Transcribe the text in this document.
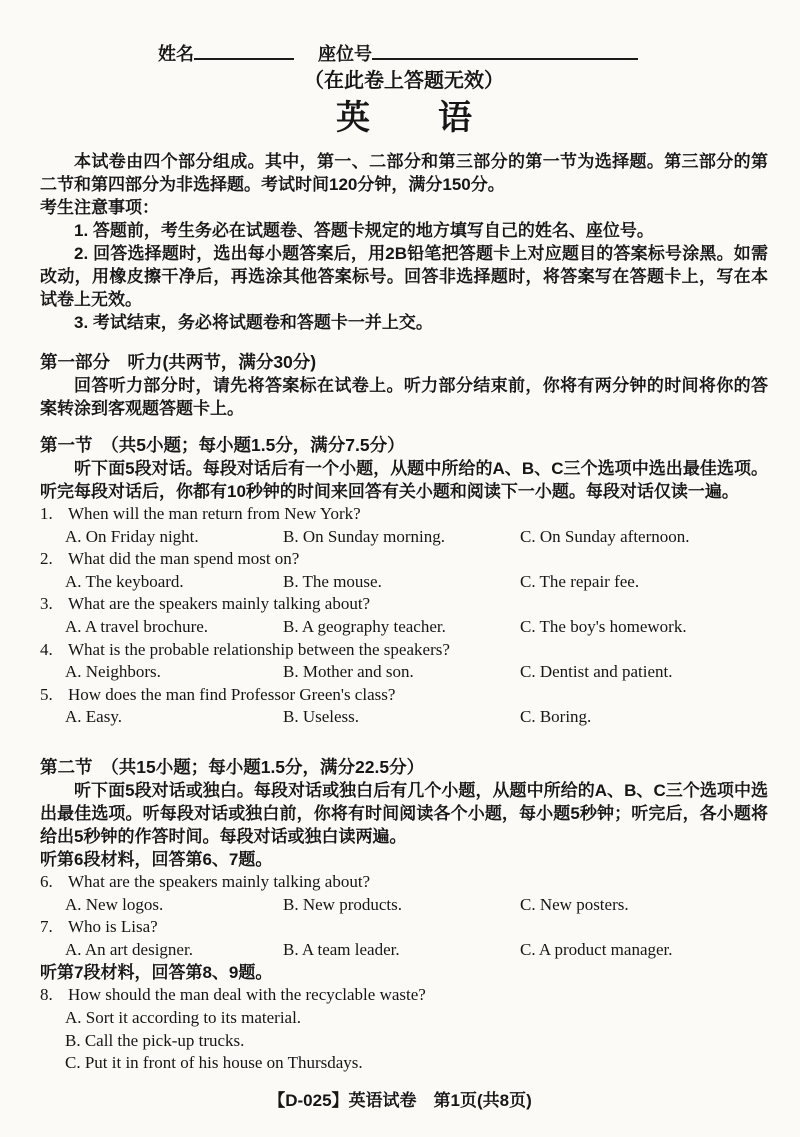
姓名	座位号
（在此卷上答题无效）
英　　语
本试卷由四个部分组成。其中，第一、二部分和第三部分的第一节为选择题。第三部分的第二节和第四部分为非选择题。考试时间120分钟，满分150分。
考生注意事项：
1. 答题前，考生务必在试题卷、答题卡规定的地方填写自己的姓名、座位号。
2. 回答选择题时，选出每小题答案后，用2B铅笔把答题卡上对应题目的答案标号涂黑。如需改动，用橡皮擦干净后，再选涂其他答案标号。回答非选择题时，将答案写在答题卡上，写在本试卷上无效。
3. 考试结束，务必将试题卷和答题卡一并上交。
第一部分　听力(共两节，满分30分)
回答听力部分时，请先将答案标在试卷上。听力部分结束前，你将有两分钟的时间将你的答案转涂到客观题答题卡上。
第一节　（共5小题；每小题1.5分，满分7.5分）
听下面5段对话。每段对话后有一个小题，从题中所给的A、B、C三个选项中选出最佳选项。听完每段对话后，你都有10秒钟的时间来回答有关小题和阅读下一小题。每段对话仅读一遍。
1. When will the man return from New York?
A. On Friday night.	B. On Sunday morning.	C. On Sunday afternoon.
2. What did the man spend most on?
A. The keyboard.	B. The mouse.	C. The repair fee.
3. What are the speakers mainly talking about?
A. A travel brochure.	B. A geography teacher.	C. The boy's homework.
4. What is the probable relationship between the speakers?
A. Neighbors.	B. Mother and son.	C. Dentist and patient.
5. How does the man find Professor Green's class?
A. Easy.	B. Useless.	C. Boring.
第二节　（共15小题；每小题1.5分，满分22.5分）
听下面5段对话或独白。每段对话或独白后有几个小题，从题中所给的A、B、C三个选项中选出最佳选项。听每段对话或独白前，你将有时间阅读各个小题，每小题5秒钟；听完后，各小题将给出5秒钟的作答时间。每段对话或独白读两遍。
听第6段材料，回答第6、7题。
6. What are the speakers mainly talking about?
A. New logos.	B. New products.	C. New posters.
7. Who is Lisa?
A. An art designer.	B. A team leader.	C. A product manager.
听第7段材料，回答第8、9题。
8. How should the man deal with the recyclable waste?
A. Sort it according to its material.
B. Call the pick-up trucks.
C. Put it in front of his house on Thursdays.
【D-025】英语试卷　第1页(共8页)
